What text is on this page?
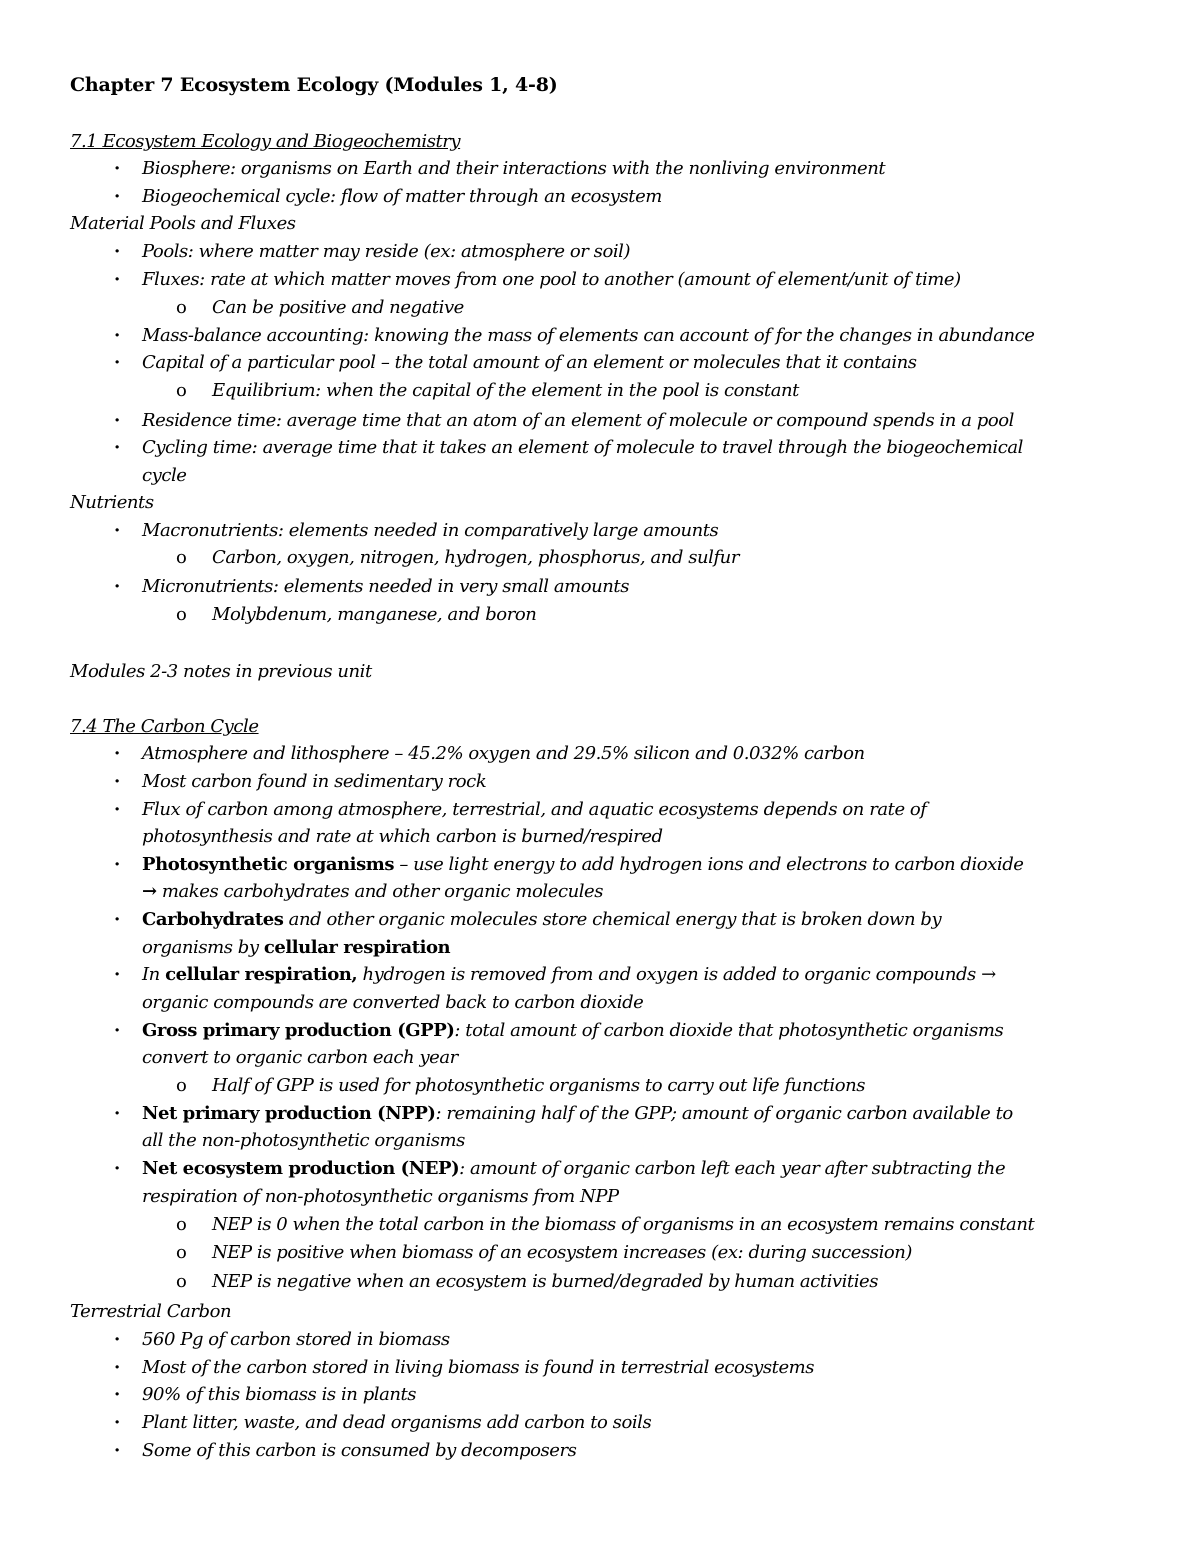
Chapter 7 Ecosystem Ecology (Modules 1, 4-8)
7.1 Ecosystem Ecology and Biogeochemistry
· Biosphere: organisms on Earth and their interactions with the nonliving environment
· Biogeochemical cycle: flow of matter through an ecosystem
Material Pools and Fluxes
· Pools: where matter may reside (ex: atmosphere or soil)
· Fluxes: rate at which matter moves from one pool to another (amount of element/unit of time)
o Can be positive and negative
· Mass-balance accounting: knowing the mass of elements can account of for the changes in abundance
· Capital of a particular pool – the total amount of an element or molecules that it contains
o Equilibrium: when the capital of the element in the pool is constant
· Residence time: average time that an atom of an element of molecule or compound spends in a pool
· Cycling time: average time that it takes an element of molecule to travel through the biogeochemical
cycle
Nutrients
· Macronutrients: elements needed in comparatively large amounts
o Carbon, oxygen, nitrogen, hydrogen, phosphorus, and sulfur
· Micronutrients: elements needed in very small amounts
o Molybdenum, manganese, and boron
Modules 2-3 notes in previous unit
7.4 The Carbon Cycle
· Atmosphere and lithosphere – 45.2% oxygen and 29.5% silicon and 0.032% carbon
· Most carbon found in sedimentary rock
· Flux of carbon among atmosphere, terrestrial, and aquatic ecosystems depends on rate of
photosynthesis and rate at which carbon is burned/respired
· Photosynthetic organisms – use light energy to add hydrogen ions and electrons to carbon dioxide
→ makes carbohydrates and other organic molecules
· Carbohydrates and other organic molecules store chemical energy that is broken down by
organisms by cellular respiration
· In cellular respiration, hydrogen is removed from and oxygen is added to organic compounds →
organic compounds are converted back to carbon dioxide
· Gross primary production (GPP): total amount of carbon dioxide that photosynthetic organisms
convert to organic carbon each year
o Half of GPP is used for photosynthetic organisms to carry out life functions
· Net primary production (NPP): remaining half of the GPP; amount of organic carbon available to
all the non-photosynthetic organisms
· Net ecosystem production (NEP): amount of organic carbon left each year after subtracting the
respiration of non-photosynthetic organisms from NPP
o NEP is 0 when the total carbon in the biomass of organisms in an ecosystem remains constant
o NEP is positive when biomass of an ecosystem increases (ex: during succession)
o NEP is negative when an ecosystem is burned/degraded by human activities
Terrestrial Carbon
· 560 Pg of carbon stored in biomass
· Most of the carbon stored in living biomass is found in terrestrial ecosystems
· 90% of this biomass is in plants
· Plant litter, waste, and dead organisms add carbon to soils
· Some of this carbon is consumed by decomposers
